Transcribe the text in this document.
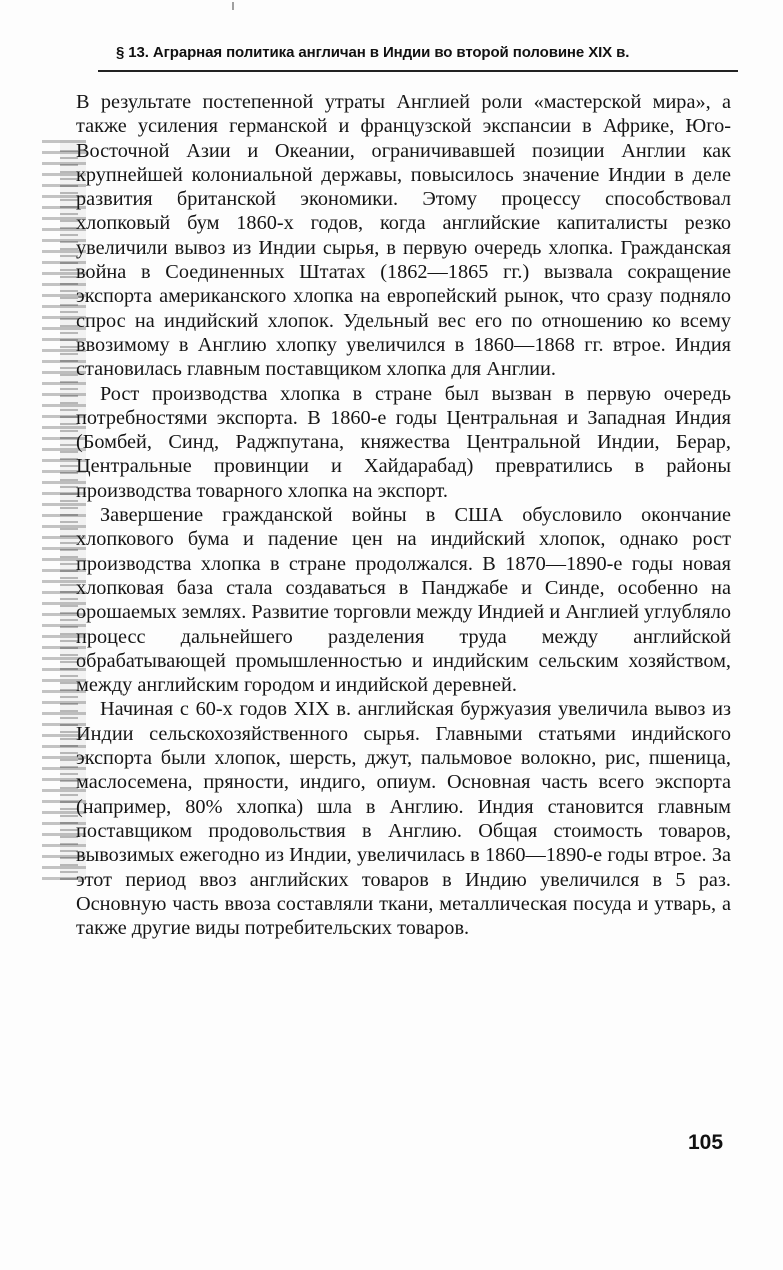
§ 13. Аграрная политика англичан в Индии во второй половине XIX в.

В результате постепенной утраты Англией роли «мастерской мира», а также усиления германской и французской экспансии в Африке, Юго-Восточной Азии и Океании, ограничивавшей позиции Англии как крупнейшей колониальной державы, повысилось значение Индии в деле развития британской экономики. Этому процессу способствовал хлопковый бум 1860-х годов, когда английские капиталисты резко увеличили вывоз из Индии сырья, в первую очередь хлопка. Гражданская война в Соединенных Штатах (1862—1865 гг.) вызвала сокращение экспорта американского хлопка на европейский рынок, что сразу подняло спрос на индийский хлопок. Удельный вес его по отношению ко всему ввозимому в Англию хлопку увеличился в 1860—1868 гг. втрое. Индия становилась главным поставщиком хлопка для Англии.

Рост производства хлопка в стране был вызван в первую очередь потребностями экспорта. В 1860-е годы Центральная и Западная Индия (Бомбей, Синд, Раджпутана, княжества Центральной Индии, Берар, Центральные провинции и Хайдарабад) превратились в районы производства товарного хлопка на экспорт.

Завершение гражданской войны в США обусловило окончание хлопкового бума и падение цен на индийский хлопок, однако рост производства хлопка в стране продолжался. В 1870—1890-е годы новая хлопковая база стала создаваться в Панджабе и Синде, особенно на орошаемых землях. Развитие торговли между Индией и Англией углубляло процесс дальнейшего разделения труда между английской обрабатывающей промышленностью и индийским сельским хозяйством, между английским городом и индийской деревней.

Начиная с 60-х годов XIX в. английская буржуазия увеличила вывоз из Индии сельскохозяйственного сырья. Главными статьями индийского экспорта были хлопок, шерсть, джут, пальмовое волокно, рис, пшеница, маслосемена, пряности, индиго, опиум. Основная часть всего экспорта (например, 80% хлопка) шла в Англию. Индия становится главным поставщиком продовольствия в Англию. Общая стоимость товаров, вывозимых ежегодно из Индии, увеличилась в 1860—1890-е годы втрое. За этот период ввоз английских товаров в Индию увеличился в 5 раз. Основную часть ввоза составляли ткани, металлическая посуда и утварь, а также другие виды потребительских товаров.

105
